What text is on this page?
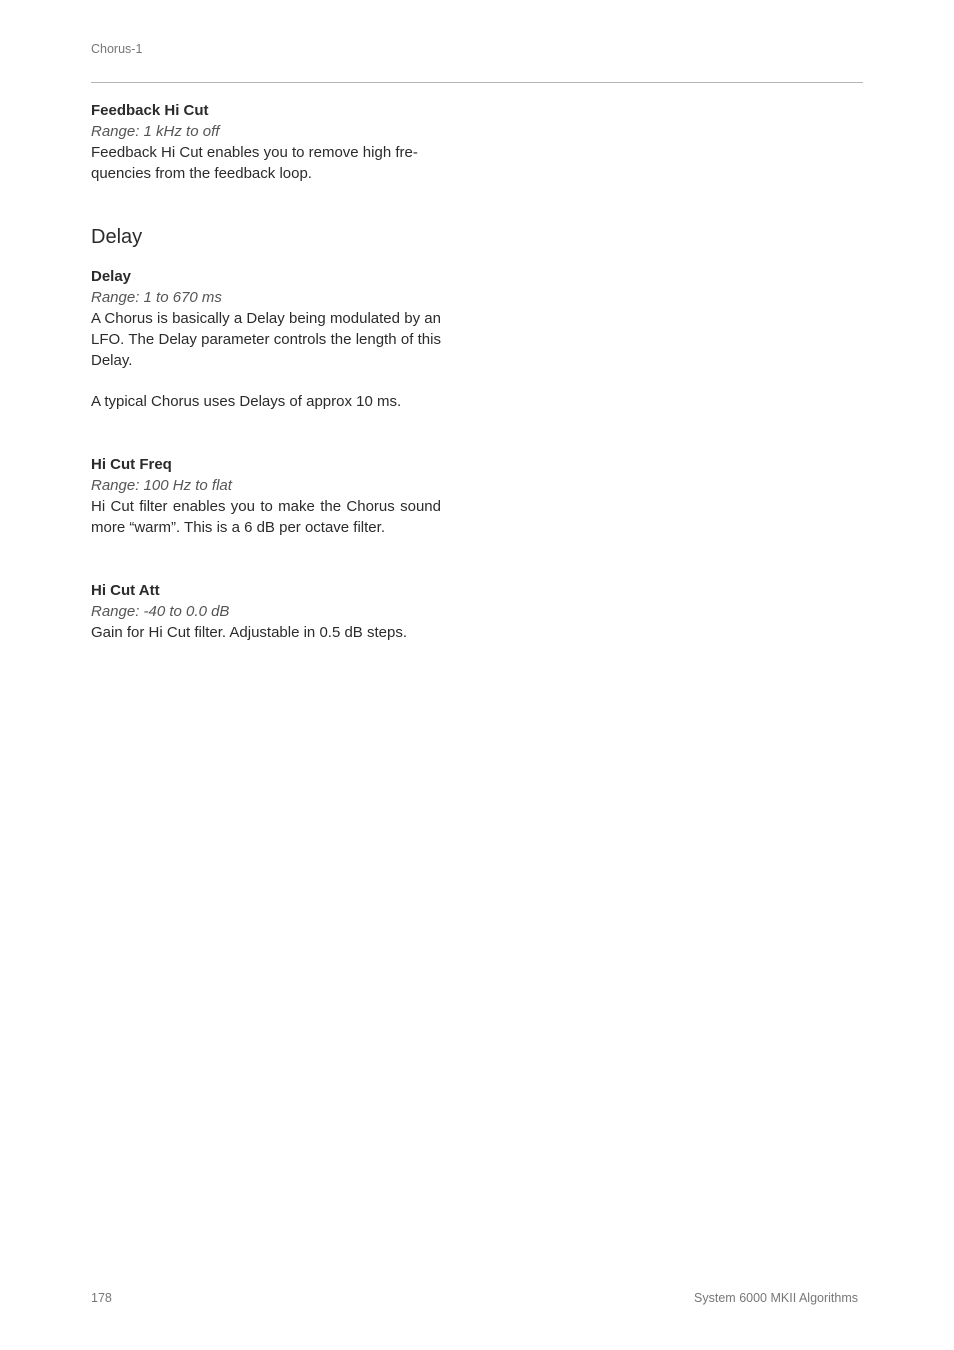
Chorus-1
Feedback Hi Cut
Range: 1 kHz to off
Feedback Hi Cut enables you to remove high fre-
quencies from the feedback loop.
Delay
Delay
Range: 1 to 670 ms
A Chorus is basically a Delay being modulated by an LFO. The Delay parameter controls the length of this Delay.
A typical Chorus uses Delays of approx 10 ms.
Hi Cut Freq
Range: 100 Hz to flat
Hi Cut filter enables you to make the Chorus sound more “warm”. This is a 6 dB per octave filter.
Hi Cut Att
Range: -40 to 0.0 dB
Gain for Hi Cut filter. Adjustable in 0.5 dB steps.
178	System 6000 MKII Algorithms
